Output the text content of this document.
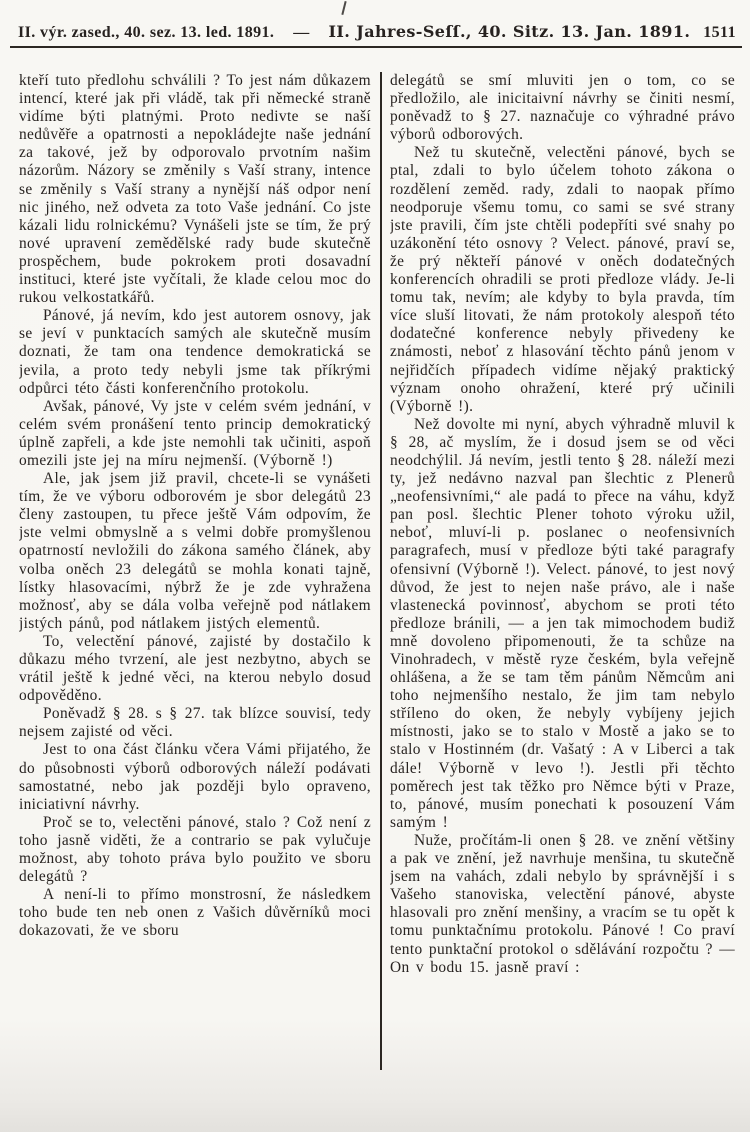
II. výr. zased., 40. sez. 13. led. 1891.	—	II. Jahres-Seſſ., 40. Sitz. 13. Jan. 1891. 1511

kteří tuto předlohu schválili ? To jest nám důkazem intencí, které jak při vládě, tak při německé straně vidíme býti platnými. Proto nedivte se naší nedůvěře a opatrnosti a nepokládejte naše jednání za takové, jež by odporovalo prvotním našim názorům. Názory se změnily s Vaší strany, intence se změnily s Vaší strany a nynější náš odpor není nic jiného, než odveta za toto Vaše jednání. Co jste kázali lidu rolnickému? Vynášeli jste se tím, že prý nové upravení zemědělské rady bude skutečně prospěchem, bude pokrokem proti dosavadní instituci, které jste vyčítali, že klade celou moc do rukou velkostatkářů.

Pánové, já nevím, kdo jest autorem osnovy, jak se jeví v punktacích samých ale skutečně musím doznati, že tam ona tendence demokratická se jevila, a proto tedy nebyli jsme tak příkrými odpůrci této části konferenčního protokolu.

Avšak, pánové, Vy jste v celém svém jednání, v celém svém pronášení tento princip demokratický úplně zapřeli, a kde jste nemohli tak učiniti, aspoň omezili jste jej na míru nejmenší. (Výborně !)

Ale, jak jsem již pravil, chcete-li se vynášeti tím, že ve výboru odborovém je sbor delegátů 23 členy zastoupen, tu přece ještě Vám odpovím, že jste velmi obmyslně a s velmi dobře promyšlenou opatrností nevložili do zákona samého článek, aby volba oněch 23 delegátů se mohla konati tajně, lístky hlasovacími, nýbrž že je zde vyhražena možnosť, aby se dála volba veřejně pod nátlakem jistých pánů, pod nátlakem jistých elementů.

To, velectění pánové, zajisté by dostačilo k důkazu mého tvrzení, ale jest nezbytno, abych se vrátil ještě k jedné věci, na kterou nebylo dosud odpověděno.

Poněvadž § 28. s § 27. tak blízce souvisí, tedy nejsem zajisté od věci.

Jest to ona část článku včera Vámi přijatého, že do působnosti výborů odborových náleží podávati samostatné, nebo jak později bylo opraveno, iniciativní návrhy.

Proč se to, velectěni pánové, stalo ? Což není z toho jasně viděti, že a contrario se pak vylučuje možnost, aby tohoto práva bylo použito ve sboru delegátů ?

A není-li to přímo monstrosní, že následkem toho bude ten neb onen z Vašich důvěrníků moci dokazovati, že ve sboru

delegátů se smí mluviti jen o tom, co se předložilo, ale inicitaivní návrhy se činiti nesmí, poněvadž to § 27. naznačuje co výhradné právo výborů odborových.

Než tu skutečně, velectěni pánové, bych se ptal, zdali to bylo účelem tohoto zákona o rozdělení zeměd. rady, zdali to naopak přímo neodporuje všemu tomu, co sami se své strany jste pravili, čím jste chtěli podepříti své snahy po uzákonění této osnovy ? Velect. pánové, praví se, že prý někteří pánové v oněch dodatečných konferencích ohradili se proti předloze vlády. Je-li tomu tak, nevím; ale kdyby to byla pravda, tím více sluší litovati, že nám protokoly alespoň této dodatečné konference nebyly přivedeny ke známosti, neboť z hlasování těchto pánů jenom v nejřidčích případech vidíme nějaký praktický význam onoho ohražení, které prý učinili (Výborně !).

Než dovolte mi nyní, abych výhradně mluvil k § 28, ač myslím, že i dosud jsem se od věci neodchýlil. Já nevím, jestli tento § 28. náleží mezi ty, jež nedávno nazval pan šlechtic z Plenerů „neofensivními,“ ale padá to přece na váhu, když pan posl. šlechtic Plener tohoto výroku užil, neboť, mluví-li p. poslanec o neofensivních paragrafech, musí v předloze býti také paragrafy ofensivní (Výborně !). Velect. pánové, to jest nový důvod, že jest to nejen naše právo, ale i naše vlastenecká povinnosť, abychom se proti této předloze bránili, — a jen tak mimochodem budiž mně dovoleno připomenouti, že ta schůze na Vinohradech, v městě ryze českém, byla veřejně ohlášena, a že se tam těm pánům Němcům ani toho nejmenšího nestalo, že jim tam nebylo stříleno do oken, že nebyly vybíjeny jejich místnosti, jako se to stalo v Mostě a jako se to stalo v Hostinném (dr. Vašatý : A v Liberci a tak dále! Výborně v levo !). Jestli při těchto poměrech jest tak těžko pro Němce býti v Praze, to, pánové, musím ponechati k posouzení Vám samým !

Nuže, pročítám-li onen § 28. ve znění většiny a pak ve znění, jež navrhuje menšina, tu skutečně jsem na vahách, zdali nebylo by správnější i s Vašeho stanoviska, velectění pánové, abyste hlasovali pro znění menšiny, a vracím se tu opět k tomu punktačnímu protokolu. Pánové ! Co praví tento punktační protokol o sdělávání rozpočtu ? — On v bodu 15. jasně praví :
